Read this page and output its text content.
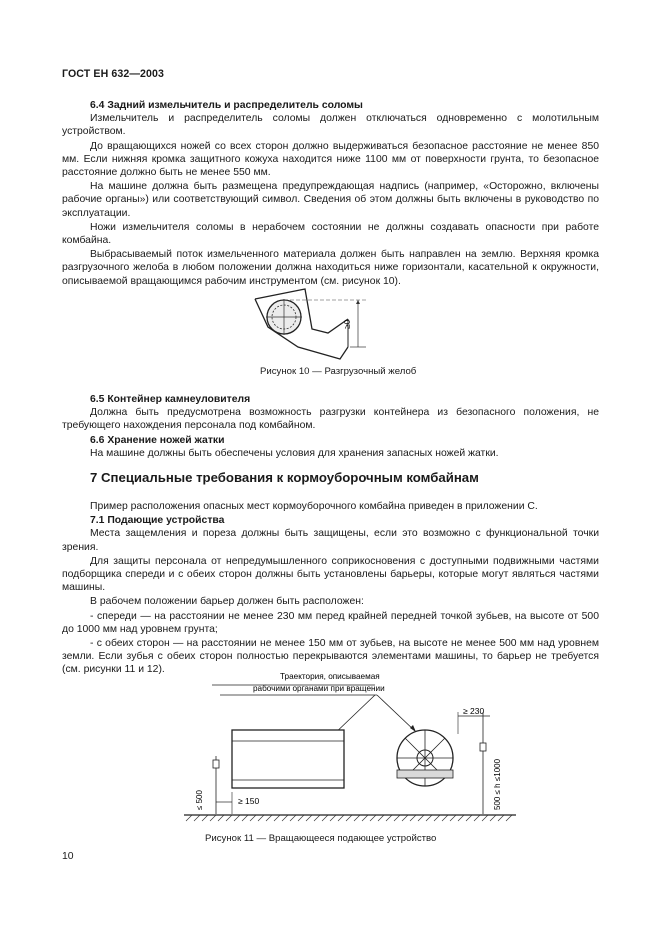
ГОСТ ЕН 632—2003
6.4 Задний измельчитель и распределитель соломы

Измельчитель и распределитель соломы должен отключаться одновременно с молотильным устройством.

До вращающихся ножей со всех сторон должно выдерживаться безопасное расстояние не менее 850 мм. Если нижняя кромка защитного кожуха находится ниже 1100 мм от поверхности грунта, то безопасное расстояние должно быть не менее 550 мм.

На машине должна быть размещена предупреждающая надпись (например, «Осторожно, включены рабочие органы») или соответствующий символ. Сведения об этом должны быть включены в руководство по эксплуатации.

Ножи измельчителя соломы в нерабочем состоянии не должны создавать опасности при работе комбайна.

Выбрасываемый поток измельченного материала должен быть направлен на землю. Верхняя кромка разгрузочного желоба в любом положении должна находиться ниже горизонтали, касательной к окружности, описываемой вращающимся рабочим инструментом (см. рисунок 10).

≥0
Рисунок 10 — Разгрузочный желоб
6.5 Контейнер камнеуловителя

Должна быть предусмотрена возможность разгрузки контейнера из безопасного положения, не требующего нахождения персонала под комбайном.

6.6 Хранение ножей жатки

На машине должны быть обеспечены условия для хранения запасных ножей жатки.

7 Специальные требования к кормоуборочным комбайнам

Пример расположения опасных мест кормоуборочного комбайна приведен в приложении С.

7.1 Подающие устройства

Места защемления и пореза должны быть защищены, если это возможно с функциональной точки зрения.

Для защиты персонала от непредумышленного соприкосновения с доступными подвижными частями подборщика спереди и с обеих сторон должны быть установлены барьеры, которые могут являться частями машины.

В рабочем положении барьер должен быть расположен:

- спереди — на расстоянии не менее 230 мм перед крайней передней точкой зубьев, на высоте от 500 до 1000 мм над уровнем грунта;

- с обеих сторон — на расстоянии не менее 150 мм от зубьев, на высоте не менее 500 мм над уровнем земли. Если зубья с обеих сторон полностью перекрываются элементами машины, то барьер не требуется (см. рисунки 11 и 12).

Траектория, описываемая
рабочими органами при вращении
≤ 500	≥ 150
≥ 230
500 ≤ h ≤1000
Рисунок 11 — Вращающееся подающее устройство
10
